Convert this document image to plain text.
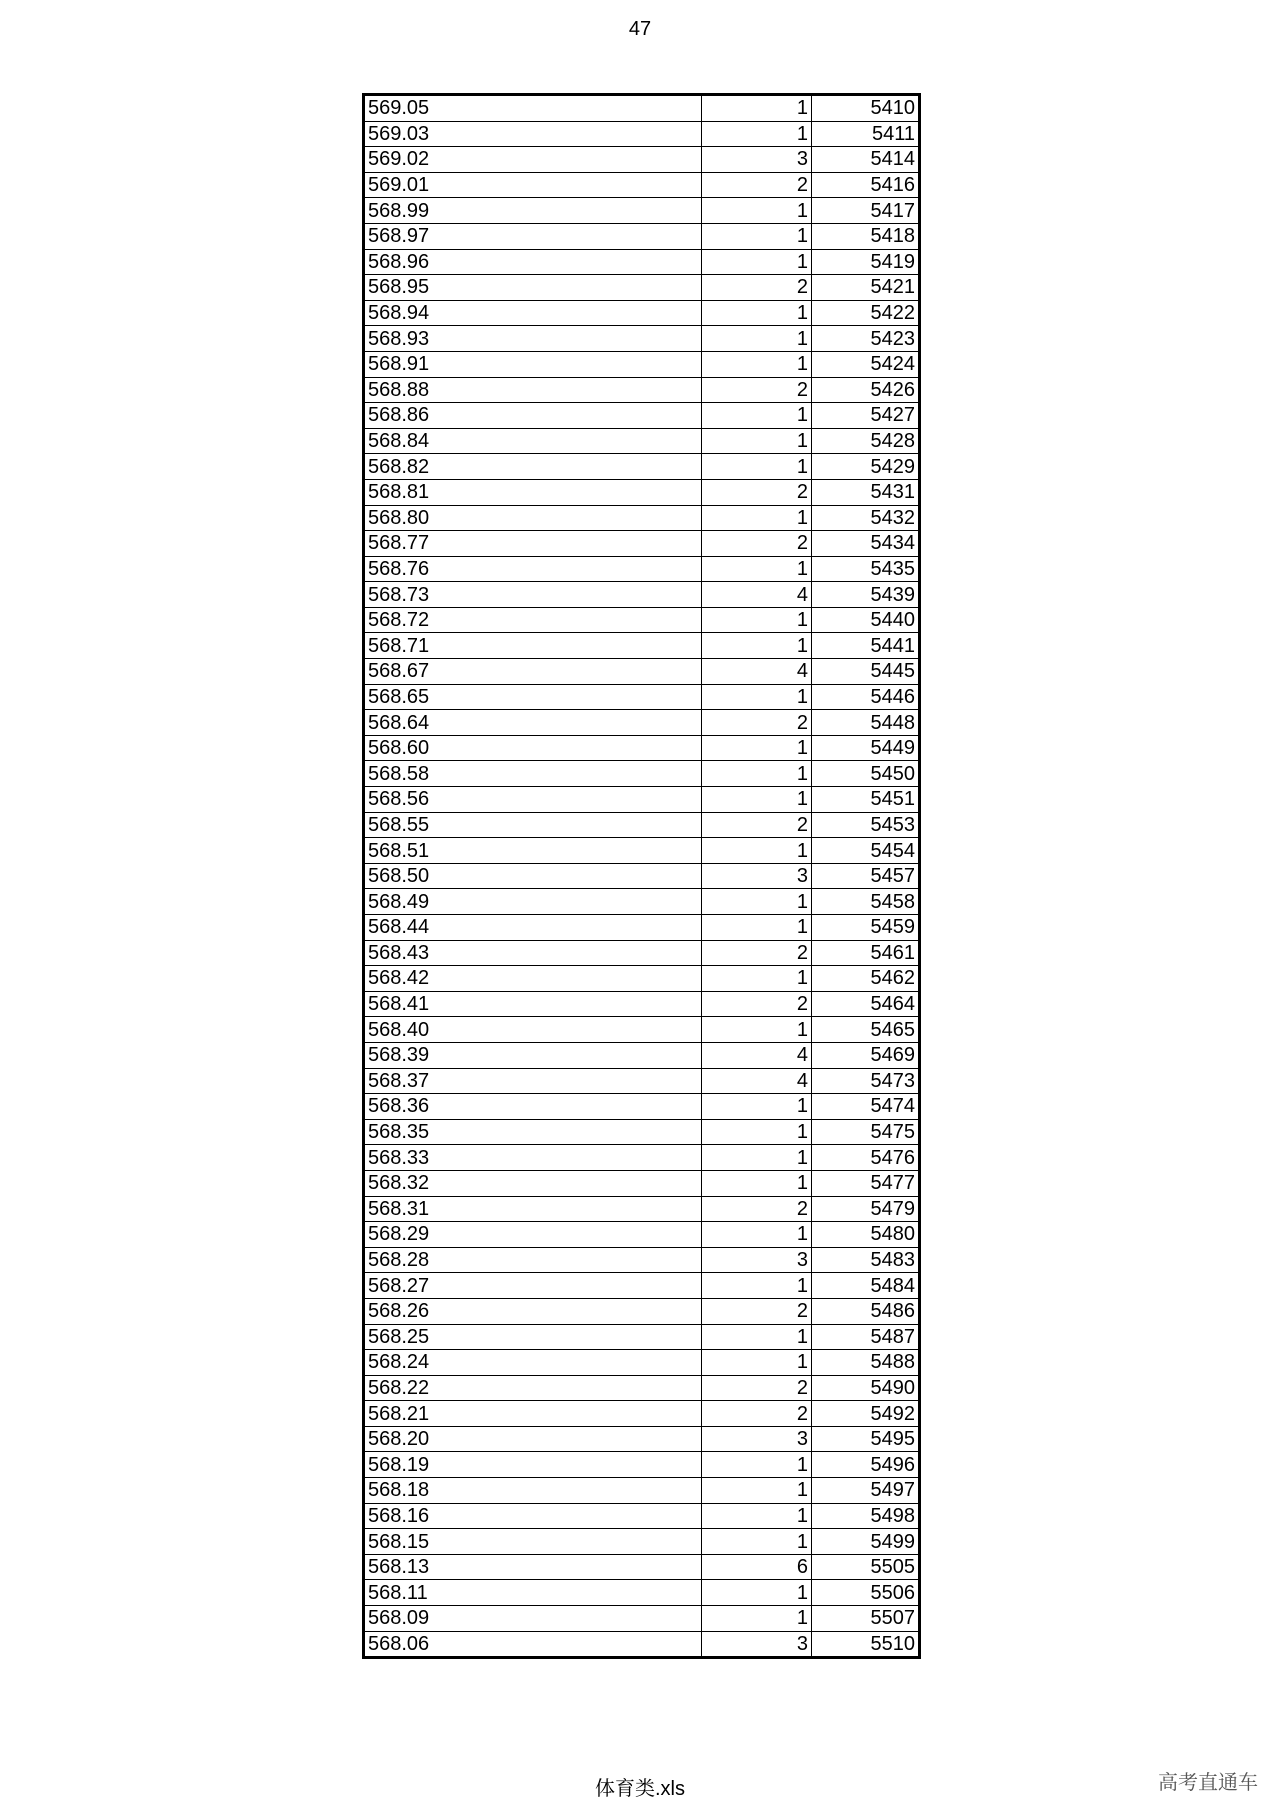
47
569.05	1	5410
569.03	1	5411
569.02	3	5414
569.01	2	5416
568.99	1	5417
568.97	1	5418
568.96	1	5419
568.95	2	5421
568.94	1	5422
568.93	1	5423
568.91	1	5424
568.88	2	5426
568.86	1	5427
568.84	1	5428
568.82	1	5429
568.81	2	5431
568.80	1	5432
568.77	2	5434
568.76	1	5435
568.73	4	5439
568.72	1	5440
568.71	1	5441
568.67	4	5445
568.65	1	5446
568.64	2	5448
568.60	1	5449
568.58	1	5450
568.56	1	5451
568.55	2	5453
568.51	1	5454
568.50	3	5457
568.49	1	5458
568.44	1	5459
568.43	2	5461
568.42	1	5462
568.41	2	5464
568.40	1	5465
568.39	4	5469
568.37	4	5473
568.36	1	5474
568.35	1	5475
568.33	1	5476
568.32	1	5477
568.31	2	5479
568.29	1	5480
568.28	3	5483
568.27	1	5484
568.26	2	5486
568.25	1	5487
568.24	1	5488
568.22	2	5490
568.21	2	5492
568.20	3	5495
568.19	1	5496
568.18	1	5497
568.16	1	5498
568.15	1	5499
568.13	6	5505
568.11	1	5506
568.09	1	5507
568.06	3	5510
体育类.xls	高考直通车
